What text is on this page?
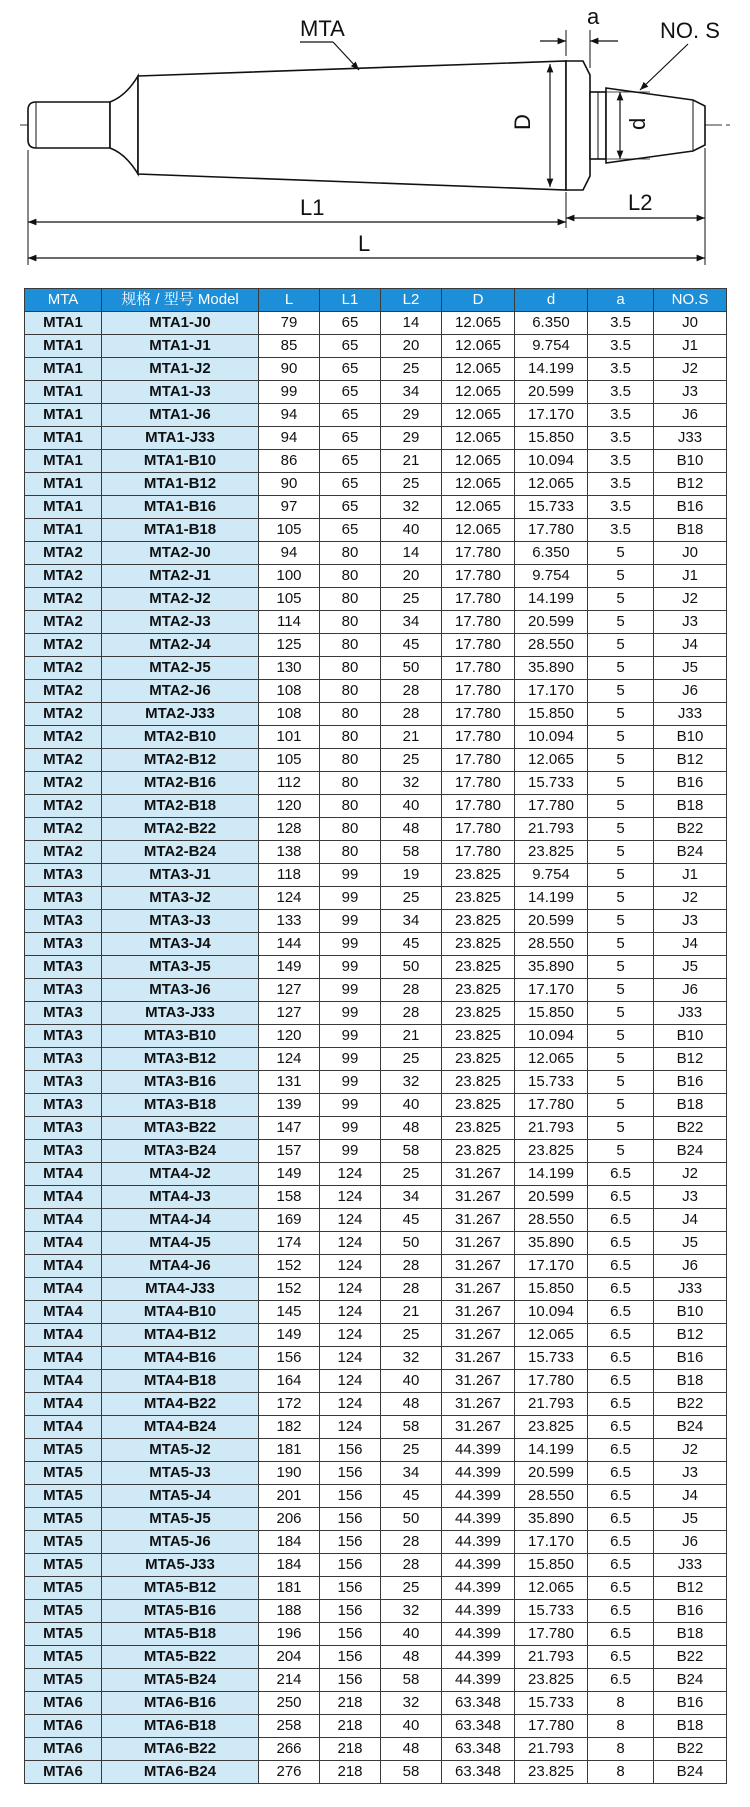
MTA	a
NO. S
D	d
L1	L2
L
MTA	规格 / 型号 Model	L	L1	L2	D	d	a	NO.S
MTA1	MTA1-J0	79	65	14	12.065	6.350	3.5	J0
MTA1	MTA1-J1	85	65	20	12.065	9.754	3.5	J1
MTA1	MTA1-J2	90	65	25	12.065	14.199	3.5	J2
MTA1	MTA1-J3	99	65	34	12.065	20.599	3.5	J3
MTA1	MTA1-J6	94	65	29	12.065	17.170	3.5	J6
MTA1	MTA1-J33	94	65	29	12.065	15.850	3.5	J33
MTA1	MTA1-B10	86	65	21	12.065	10.094	3.5	B10
MTA1	MTA1-B12	90	65	25	12.065	12.065	3.5	B12
MTA1	MTA1-B16	97	65	32	12.065	15.733	3.5	B16
MTA1	MTA1-B18	105	65	40	12.065	17.780	3.5	B18
MTA2	MTA2-J0	94	80	14	17.780	6.350	5	J0
MTA2	MTA2-J1	100	80	20	17.780	9.754	5	J1
MTA2	MTA2-J2	105	80	25	17.780	14.199	5	J2
MTA2	MTA2-J3	114	80	34	17.780	20.599	5	J3
MTA2	MTA2-J4	125	80	45	17.780	28.550	5	J4
MTA2	MTA2-J5	130	80	50	17.780	35.890	5	J5
MTA2	MTA2-J6	108	80	28	17.780	17.170	5	J6
MTA2	MTA2-J33	108	80	28	17.780	15.850	5	J33
MTA2	MTA2-B10	101	80	21	17.780	10.094	5	B10
MTA2	MTA2-B12	105	80	25	17.780	12.065	5	B12
MTA2	MTA2-B16	112	80	32	17.780	15.733	5	B16
MTA2	MTA2-B18	120	80	40	17.780	17.780	5	B18
MTA2	MTA2-B22	128	80	48	17.780	21.793	5	B22
MTA2	MTA2-B24	138	80	58	17.780	23.825	5	B24
MTA3	MTA3-J1	118	99	19	23.825	9.754	5	J1
MTA3	MTA3-J2	124	99	25	23.825	14.199	5	J2
MTA3	MTA3-J3	133	99	34	23.825	20.599	5	J3
MTA3	MTA3-J4	144	99	45	23.825	28.550	5	J4
MTA3	MTA3-J5	149	99	50	23.825	35.890	5	J5
MTA3	MTA3-J6	127	99	28	23.825	17.170	5	J6
MTA3	MTA3-J33	127	99	28	23.825	15.850	5	J33
MTA3	MTA3-B10	120	99	21	23.825	10.094	5	B10
MTA3	MTA3-B12	124	99	25	23.825	12.065	5	B12
MTA3	MTA3-B16	131	99	32	23.825	15.733	5	B16
MTA3	MTA3-B18	139	99	40	23.825	17.780	5	B18
MTA3	MTA3-B22	147	99	48	23.825	21.793	5	B22
MTA3	MTA3-B24	157	99	58	23.825	23.825	5	B24
MTA4	MTA4-J2	149	124	25	31.267	14.199	6.5	J2
MTA4	MTA4-J3	158	124	34	31.267	20.599	6.5	J3
MTA4	MTA4-J4	169	124	45	31.267	28.550	6.5	J4
MTA4	MTA4-J5	174	124	50	31.267	35.890	6.5	J5
MTA4	MTA4-J6	152	124	28	31.267	17.170	6.5	J6
MTA4	MTA4-J33	152	124	28	31.267	15.850	6.5	J33
MTA4	MTA4-B10	145	124	21	31.267	10.094	6.5	B10
MTA4	MTA4-B12	149	124	25	31.267	12.065	6.5	B12
MTA4	MTA4-B16	156	124	32	31.267	15.733	6.5	B16
MTA4	MTA4-B18	164	124	40	31.267	17.780	6.5	B18
MTA4	MTA4-B22	172	124	48	31.267	21.793	6.5	B22
MTA4	MTA4-B24	182	124	58	31.267	23.825	6.5	B24
MTA5	MTA5-J2	181	156	25	44.399	14.199	6.5	J2
MTA5	MTA5-J3	190	156	34	44.399	20.599	6.5	J3
MTA5	MTA5-J4	201	156	45	44.399	28.550	6.5	J4
MTA5	MTA5-J5	206	156	50	44.399	35.890	6.5	J5
MTA5	MTA5-J6	184	156	28	44.399	17.170	6.5	J6
MTA5	MTA5-J33	184	156	28	44.399	15.850	6.5	J33
MTA5	MTA5-B12	181	156	25	44.399	12.065	6.5	B12
MTA5	MTA5-B16	188	156	32	44.399	15.733	6.5	B16
MTA5	MTA5-B18	196	156	40	44.399	17.780	6.5	B18
MTA5	MTA5-B22	204	156	48	44.399	21.793	6.5	B22
MTA5	MTA5-B24	214	156	58	44.399	23.825	6.5	B24
MTA6	MTA6-B16	250	218	32	63.348	15.733	8	B16
MTA6	MTA6-B18	258	218	40	63.348	17.780	8	B18
MTA6	MTA6-B22	266	218	48	63.348	21.793	8	B22
MTA6	MTA6-B24	276	218	58	63.348	23.825	8	B24
